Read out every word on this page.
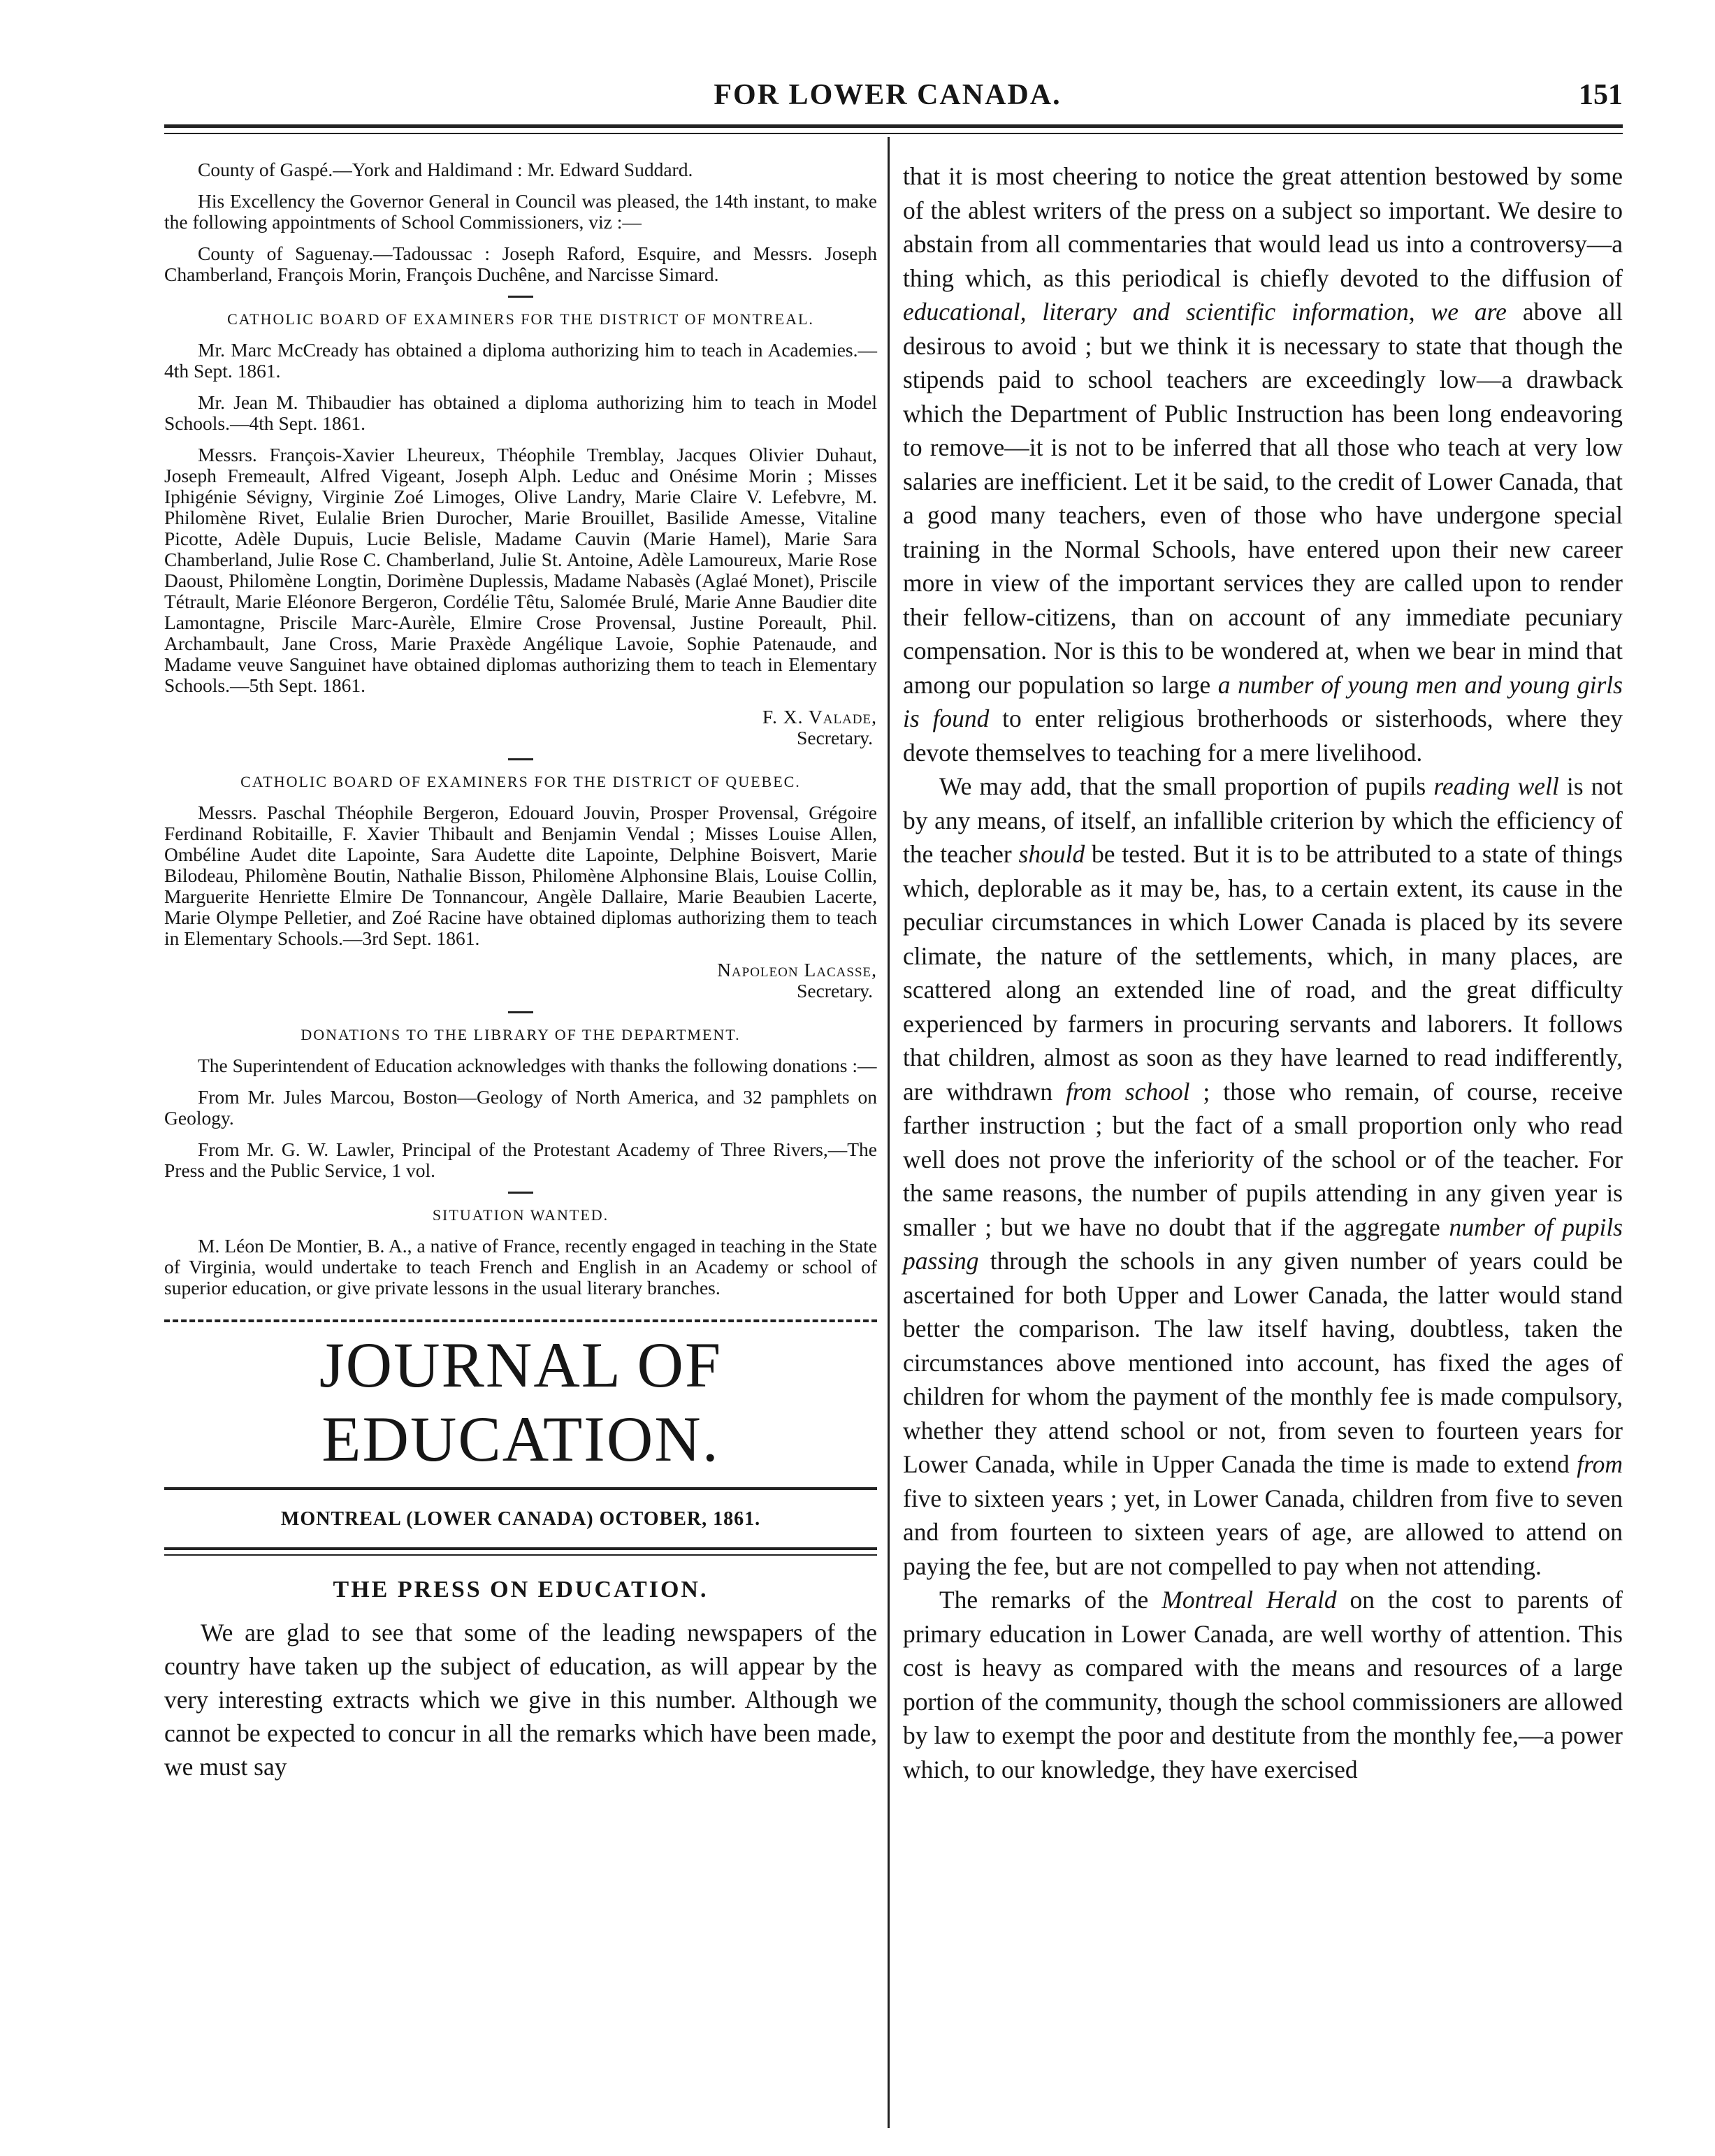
FOR LOWER CANADA.	151

County of Gaspé.—York and Haldimand : Mr. Edward Suddard.

His Excellency the Governor General in Council was pleased, the 14th instant, to make the following appointments of School Commissioners, viz :—

County of Saguenay.—Tadoussac : Joseph Raford, Esquire, and Messrs. Joseph Chamberland, François Morin, François Duchêne, and Narcisse Simard.

CATHOLIC BOARD OF EXAMINERS FOR THE DISTRICT OF MONTREAL.

Mr. Marc McCready has obtained a diploma authorizing him to teach in Academies.—4th Sept. 1861.

Mr. Jean M. Thibaudier has obtained a diploma authorizing him to teach in Model Schools.—4th Sept. 1861.

Messrs. François-Xavier Lheureux, Théophile Tremblay, Jacques Olivier Duhaut, Joseph Fremeault, Alfred Vigeant, Joseph Alph. Leduc and Onésime Morin ; Misses Iphigénie Sévigny, Virginie Zoé Limoges, Olive Landry, Marie Claire V. Lefebvre, M. Philomène Rivet, Eulalie Brien Durocher, Marie Brouillet, Basilide Amesse, Vitaline Picotte, Adèle Dupuis, Lucie Belisle, Madame Cauvin (Marie Hamel), Marie Sara Chamberland, Julie Rose C. Chamberland, Julie St. Antoine, Adèle Lamoureux, Marie Rose Daoust, Philomène Longtin, Dorimène Duplessis, Madame Nabasès (Aglaé Monet), Priscile Tétrault, Marie Eléonore Bergeron, Cordélie Têtu, Salomée Brulé, Marie Anne Baudier dite Lamontagne, Priscile Marc-Aurèle, Elmire Crose Provensal, Justine Poreault, Phil. Archambault, Jane Cross, Marie Praxède Angélique Lavoie, Sophie Patenaude, and Madame veuve Sanguinet have obtained diplomas authorizing them to teach in Elementary Schools.—5th Sept. 1861.

F. X. Valade,
Secretary.
CATHOLIC BOARD OF EXAMINERS FOR THE DISTRICT OF QUEBEC.

Messrs. Paschal Théophile Bergeron, Edouard Jouvin, Prosper Provensal, Grégoire Ferdinand Robitaille, F. Xavier Thibault and Benjamin Vendal ; Misses Louise Allen, Ombéline Audet dite Lapointe, Sara Audette dite Lapointe, Delphine Boisvert, Marie Bilodeau, Philomène Boutin, Nathalie Bisson, Philomène Alphonsine Blais, Louise Collin, Marguerite Henriette Elmire De Tonnancour, Angèle Dallaire, Marie Beaubien Lacerte, Marie Olympe Pelletier, and Zoé Racine have obtained diplomas authorizing them to teach in Elementary Schools.—3rd Sept. 1861.

Napoleon Lacasse,
Secretary.
DONATIONS TO THE LIBRARY OF THE DEPARTMENT.

The Superintendent of Education acknowledges with thanks the following donations :—

From Mr. Jules Marcou, Boston—Geology of North America, and 32 pamphlets on Geology.

From Mr. G. W. Lawler, Principal of the Protestant Academy of Three Rivers,—The Press and the Public Service, 1 vol.

SITUATION WANTED.

M. Léon De Montier, B. A., a native of France, recently engaged in teaching in the State of Virginia, would undertake to teach French and English in an Academy or school of superior education, or give private lessons in the usual literary branches.

JOURNAL OF EDUCATION.
MONTREAL (LOWER CANADA) OCTOBER, 1861.
THE PRESS ON EDUCATION.

We are glad to see that some of the leading newspapers of the country have taken up the subject of education, as will appear by the very interesting extracts which we give in this number. Although we cannot be expected to concur in all the remarks which have been made, we must say

that it is most cheering to notice the great attention bestowed by some of the ablest writers of the press on a subject so important. We desire to abstain from all commentaries that would lead us into a controversy—a thing which, as this periodical is chiefly devoted to the diffusion of educational, literary and scientific information, we are above all desirous to avoid ; but we think it is necessary to state that though the stipends paid to school teachers are exceedingly low—a drawback which the Department of Public Instruction has been long endeavoring to remove—it is not to be inferred that all those who teach at very low salaries are inefficient. Let it be said, to the credit of Lower Canada, that a good many teachers, even of those who have undergone special training in the Normal Schools, have entered upon their new career more in view of the important services they are called upon to render their fellow-citizens, than on account of any immediate pecuniary compensation. Nor is this to be wondered at, when we bear in mind that among our population so large a number of young men and young girls is found to enter religious brotherhoods or sisterhoods, where they devote themselves to teaching for a mere livelihood.

We may add, that the small proportion of pupils reading well is not by any means, of itself, an infallible criterion by which the efficiency of the teacher should be tested. But it is to be attributed to a state of things which, deplorable as it may be, has, to a certain extent, its cause in the peculiar circumstances in which Lower Canada is placed by its severe climate, the nature of the settlements, which, in many places, are scattered along an extended line of road, and the great difficulty experienced by farmers in procuring servants and laborers. It follows that children, almost as soon as they have learned to read indifferently, are withdrawn from school ; those who remain, of course, receive farther instruction ; but the fact of a small proportion only who read well does not prove the inferiority of the school or of the teacher. For the same reasons, the number of pupils attending in any given year is smaller ; but we have no doubt that if the aggregate number of pupils passing through the schools in any given number of years could be ascertained for both Upper and Lower Canada, the latter would stand better the comparison. The law itself having, doubtless, taken the circumstances above mentioned into account, has fixed the ages of children for whom the payment of the monthly fee is made compulsory, whether they attend school or not, from seven to fourteen years for Lower Canada, while in Upper Canada the time is made to extend from five to sixteen years ; yet, in Lower Canada, children from five to seven and from fourteen to sixteen years of age, are allowed to attend on paying the fee, but are not compelled to pay when not attending.

The remarks of the Montreal Herald on the cost to parents of primary education in Lower Canada, are well worthy of attention. This cost is heavy as compared with the means and resources of a large portion of the community, though the school commissioners are allowed by law to exempt the poor and destitute from the monthly fee,—a power which, to our knowledge, they have exercised
